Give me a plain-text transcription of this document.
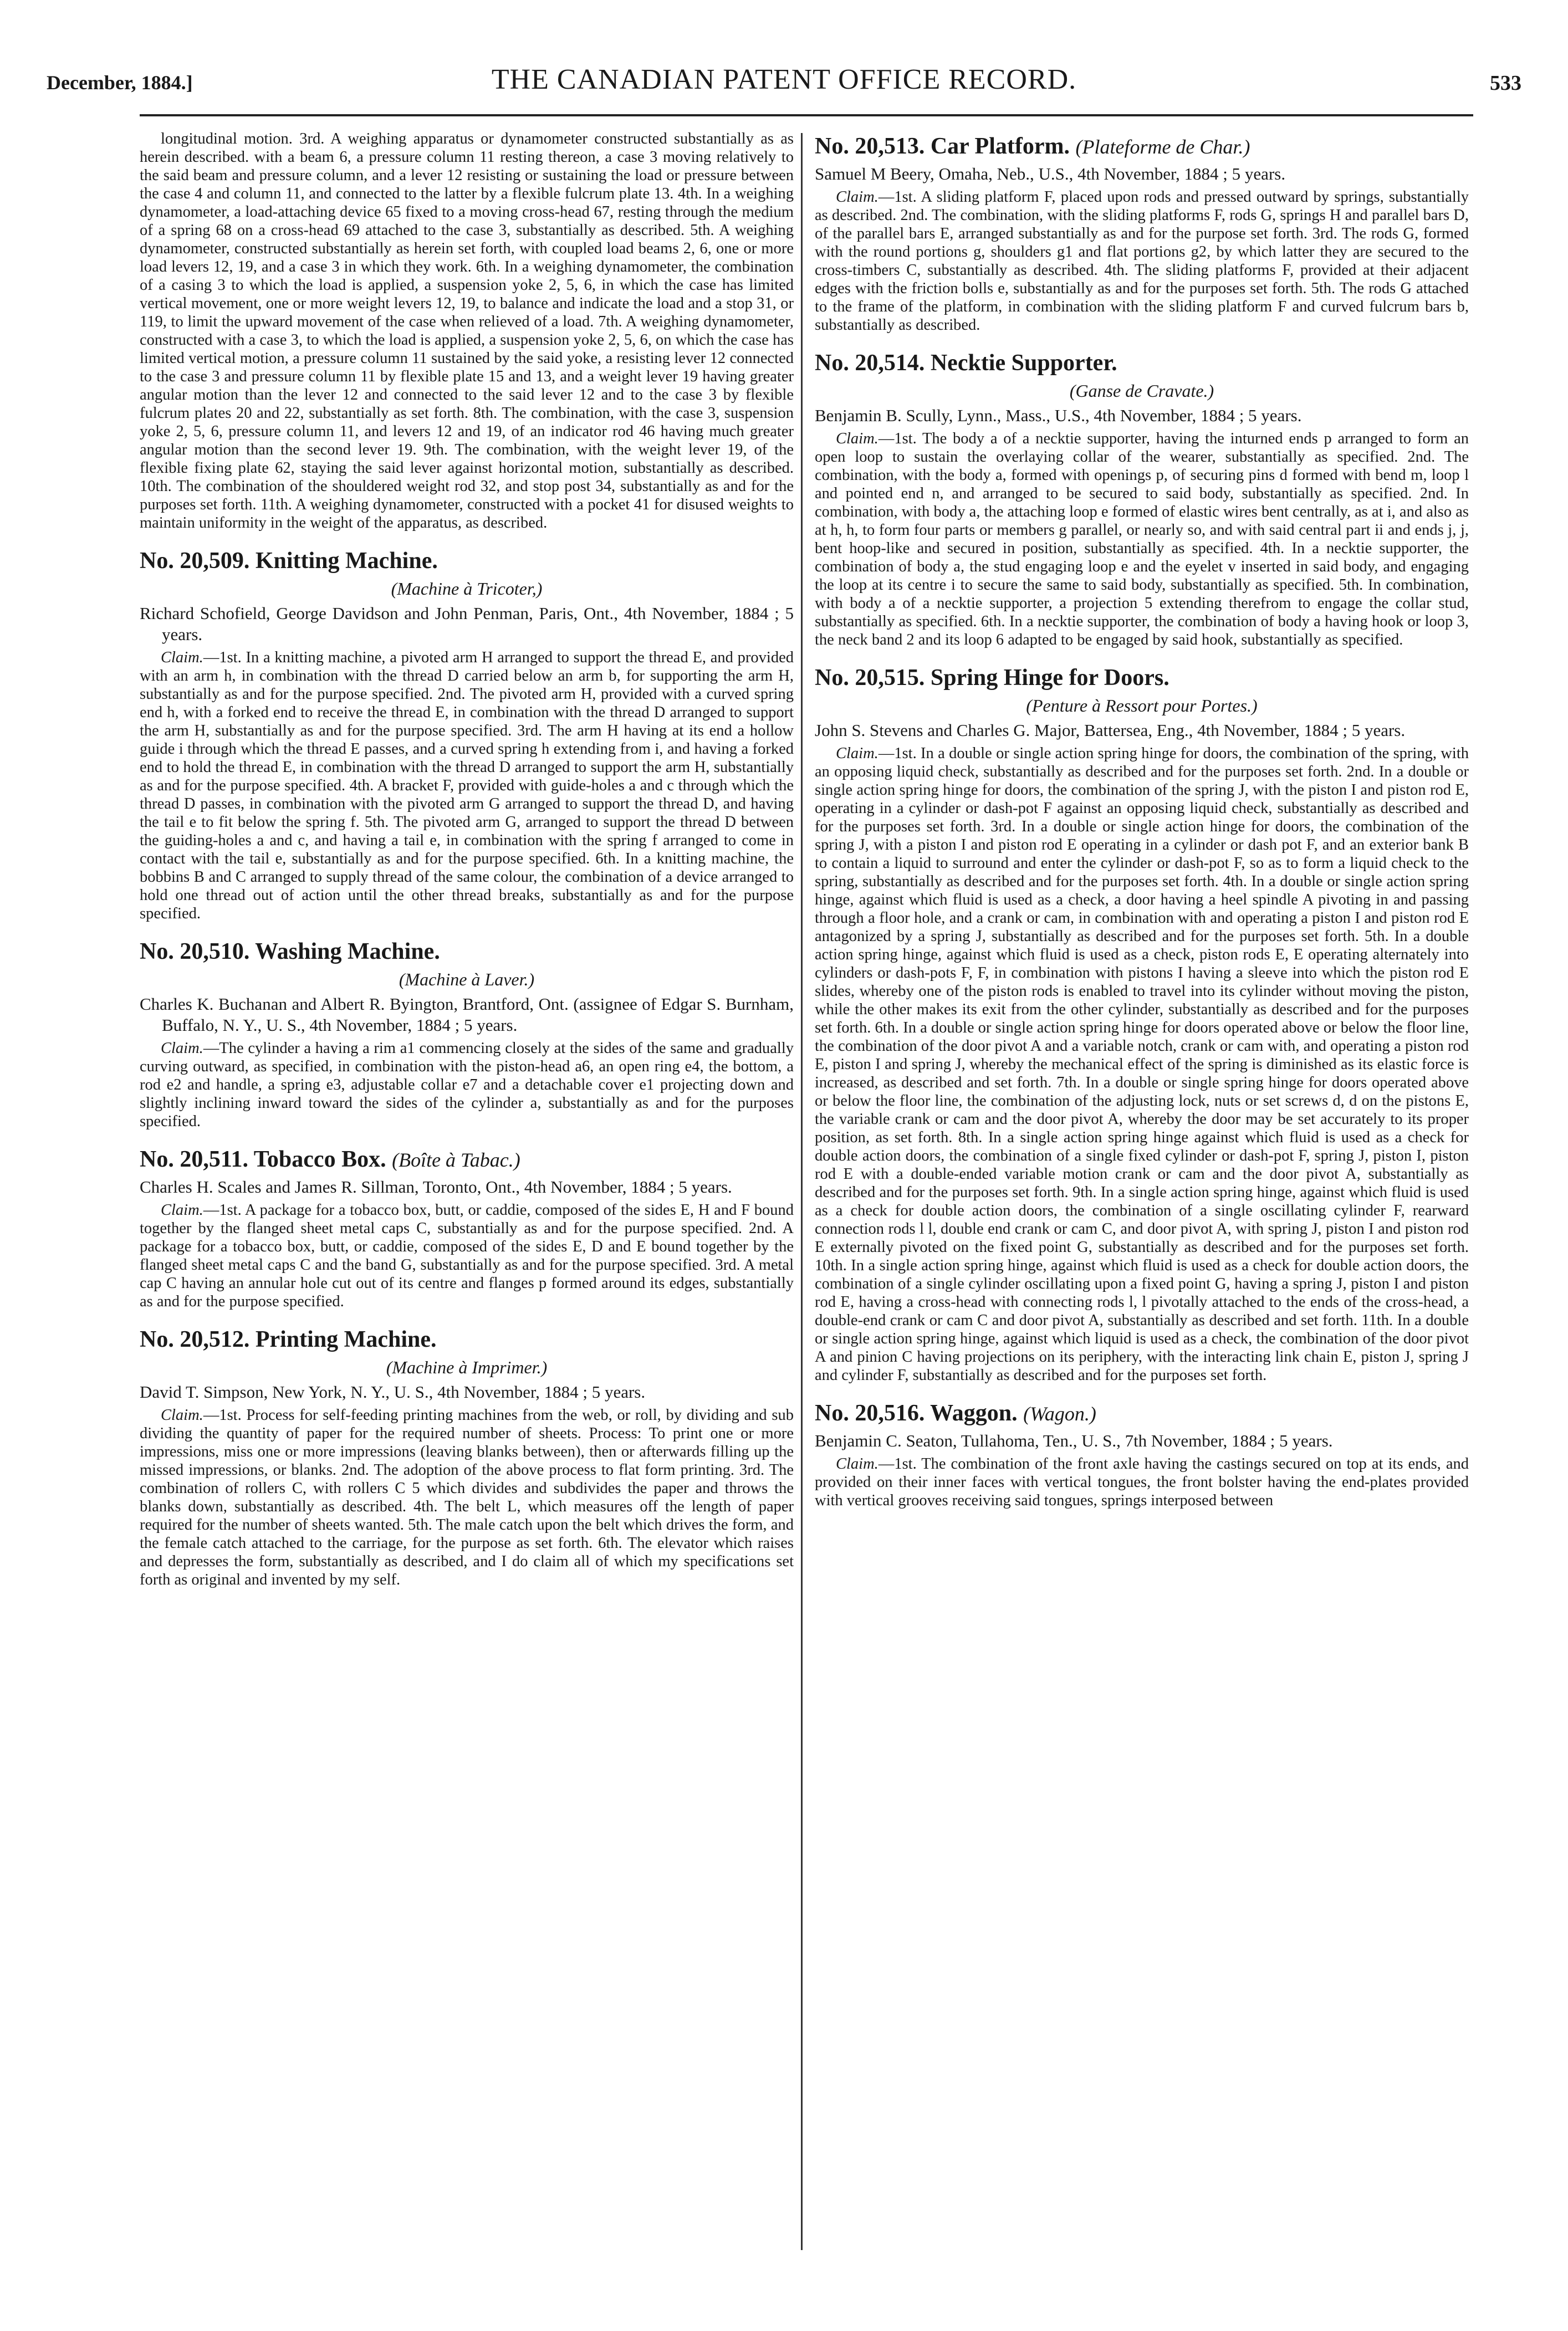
December, 1884.]	THE CANADIAN PATENT OFFICE RECORD.	533

longitudinal motion. 3rd. A weighing apparatus or dynamometer constructed substantially as as herein described. with a beam 6, a pressure column 11 resting thereon, a case 3 moving relatively to the said beam and pressure column, and a lever 12 resisting or sustaining the load or pressure between the case 4 and column 11, and connected to the latter by a flexible fulcrum plate 13. 4th. In a weighing dynamometer, a load-attaching device 65 fixed to a moving cross-head 67, resting through the medium of a spring 68 on a cross-head 69 attached to the case 3, substantially as described. 5th. A weighing dynamometer, constructed substantially as herein set forth, with coupled load beams 2, 6, one or more load levers 12, 19, and a case 3 in which they work. 6th. In a weighing dynamometer, the combination of a casing 3 to which the load is applied, a suspension yoke 2, 5, 6, in which the case has limited vertical movement, one or more weight levers 12, 19, to balance and indicate the load and a stop 31, or 119, to limit the upward movement of the case when relieved of a load. 7th. A weighing dynamometer, constructed with a case 3, to which the load is applied, a suspension yoke 2, 5, 6, on which the case has limited vertical motion, a pressure column 11 sustained by the said yoke, a resisting lever 12 connected to the case 3 and pressure column 11 by flexible plate 15 and 13, and a weight lever 19 having greater angular motion than the lever 12 and connected to the said lever 12 and to the case 3 by flexible fulcrum plates 20 and 22, substantially as set forth. 8th. The combination, with the case 3, suspension yoke 2, 5, 6, pressure column 11, and levers 12 and 19, of an indicator rod 46 having much greater angular motion than the second lever 19. 9th. The combination, with the weight lever 19, of the flexible fixing plate 62, staying the said lever against horizontal motion, substantially as described. 10th. The combination of the shouldered weight rod 32, and stop post 34, substantially as and for the purposes set forth. 11th. A weighing dynamometer, constructed with a pocket 41 for disused weights to maintain uniformity in the weight of the apparatus, as described.

No. 20,509. Knitting Machine.
(Machine à Tricoter,)

Richard Schofield, George Davidson and John Penman, Paris, Ont., 4th November, 1884 ; 5 years.

Claim.—1st. In a knitting machine, a pivoted arm H arranged to support the thread E, and provided with an arm h, in combination with the thread D carried below an arm b, for supporting the arm H, substantially as and for the purpose specified. 2nd. The pivoted arm H, provided with a curved spring end h, with a forked end to receive the thread E, in combination with the thread D arranged to support the arm H, substantially as and for the purpose specified. 3rd. The arm H having at its end a hollow guide i through which the thread E passes, and a curved spring h extending from i, and having a forked end to hold the thread E, in combination with the thread D arranged to support the arm H, substantially as and for the purpose specified. 4th. A bracket F, provided with guide-holes a and c through which the thread D passes, in combination with the pivoted arm G arranged to support the thread D, and having the tail e to fit below the spring f. 5th. The pivoted arm G, arranged to support the thread D between the guiding-holes a and c, and having a tail e, in combination with the spring f arranged to come in contact with the tail e, substantially as and for the purpose specified. 6th. In a knitting machine, the bobbins B and C arranged to supply thread of the same colour, the combination of a device arranged to hold one thread out of action until the other thread breaks, substantially as and for the purpose specified.

No. 20,510. Washing Machine.
(Machine à Laver.)

Charles K. Buchanan and Albert R. Byington, Brantford, Ont. (assignee of Edgar S. Burnham, Buffalo, N. Y., U. S., 4th November, 1884 ; 5 years.

Claim.—The cylinder a having a rim a1 commencing closely at the sides of the same and gradually curving outward, as specified, in combination with the piston-head a6, an open ring e4, the bottom, a rod e2 and handle, a spring e3, adjustable collar e7 and a detachable cover e1 projecting down and slightly inclining inward toward the sides of the cylinder a, substantially as and for the purposes specified.

No. 20,511. Tobacco Box. (Boîte à Tabac.)

Charles H. Scales and James R. Sillman, Toronto, Ont., 4th November, 1884 ; 5 years.

Claim.—1st. A package for a tobacco box, butt, or caddie, composed of the sides E, H and F bound together by the flanged sheet metal caps C, substantially as and for the purpose specified. 2nd. A package for a tobacco box, butt, or caddie, composed of the sides E, D and E bound together by the flanged sheet metal caps C and the band G, substantially as and for the purpose specified. 3rd. A metal cap C having an annular hole cut out of its centre and flanges p formed around its edges, substantially as and for the purpose specified.

No. 20,512. Printing Machine.
(Machine à Imprimer.)

David T. Simpson, New York, N. Y., U. S., 4th November, 1884 ; 5 years.

Claim.—1st. Process for self-feeding printing machines from the web, or roll, by dividing and sub dividing the quantity of paper for the required number of sheets. Process: To print one or more impressions, miss one or more impressions (leaving blanks between), then or afterwards filling up the missed impressions, or blanks. 2nd. The adoption of the above process to flat form printing. 3rd. The combination of rollers C, with rollers C 5 which divides and subdivides the paper and throws the blanks down, substantially as described. 4th. The belt L, which measures off the length of paper required for the number of sheets wanted. 5th. The male catch upon the belt which drives the form, and the female catch attached to the carriage, for the purpose as set forth. 6th. The elevator which raises and depresses the form, substantially as described, and I do claim all of which my specifications set forth as original and invented by my self.

No. 20,513. Car Platform. (Plateforme de Char.)

Samuel M Beery, Omaha, Neb., U.S., 4th November, 1884 ; 5 years.

Claim.—1st. A sliding platform F, placed upon rods and pressed outward by springs, substantially as described. 2nd. The combination, with the sliding platforms F, rods G, springs H and parallel bars D, of the parallel bars E, arranged substantially as and for the purpose set forth. 3rd. The rods G, formed with the round portions g, shoulders g1 and flat portions g2, by which latter they are secured to the cross-timbers C, substantially as described. 4th. The sliding platforms F, provided at their adjacent edges with the friction bolls e, substantially as and for the purposes set forth. 5th. The rods G attached to the frame of the platform, in combination with the sliding platform F and curved fulcrum bars b, substantially as described.

No. 20,514. Necktie Supporter.
(Ganse de Cravate.)

Benjamin B. Scully, Lynn., Mass., U.S., 4th November, 1884 ; 5 years.

Claim.—1st. The body a of a necktie supporter, having the inturned ends p arranged to form an open loop to sustain the overlaying collar of the wearer, substantially as specified. 2nd. The combination, with the body a, formed with openings p, of securing pins d formed with bend m, loop l and pointed end n, and arranged to be secured to said body, substantially as specified. 2nd. In combination, with body a, the attaching loop e formed of elastic wires bent centrally, as at i, and also as at h, h, to form four parts or members g parallel, or nearly so, and with said central part ii and ends j, j, bent hoop-like and secured in position, substantially as specified. 4th. In a necktie supporter, the combination of body a, the stud engaging loop e and the eyelet v inserted in said body, and engaging the loop at its centre i to secure the same to said body, substantially as specified. 5th. In combination, with body a of a necktie supporter, a projection 5 extending therefrom to engage the collar stud, substantially as specified. 6th. In a necktie supporter, the combination of body a having hook or loop 3, the neck band 2 and its loop 6 adapted to be engaged by said hook, substantially as specified.

No. 20,515. Spring Hinge for Doors.
(Penture à Ressort pour Portes.)

John S. Stevens and Charles G. Major, Battersea, Eng., 4th November, 1884 ; 5 years.

Claim.—1st. In a double or single action spring hinge for doors, the combination of the spring, with an opposing liquid check, substantially as described and for the purposes set forth. 2nd. In a double or single action spring hinge for doors, the combination of the spring J, with the piston I and piston rod E, operating in a cylinder or dash-pot F against an opposing liquid check, substantially as described and for the purposes set forth. 3rd. In a double or single action hinge for doors, the combination of the spring J, with a piston I and piston rod E operating in a cylinder or dash pot F, and an exterior bank B to contain a liquid to surround and enter the cylinder or dash-pot F, so as to form a liquid check to the spring, substantially as described and for the purposes set forth. 4th. In a double or single action spring hinge, against which fluid is used as a check, a door having a heel spindle A pivoting in and passing through a floor hole, and a crank or cam, in combination with and operating a piston I and piston rod E antagonized by a spring J, substantially as described and for the purposes set forth. 5th. In a double action spring hinge, against which fluid is used as a check, piston rods E, E operating alternately into cylinders or dash-pots F, F, in combination with pistons I having a sleeve into which the piston rod E slides, whereby one of the piston rods is enabled to travel into its cylinder without moving the piston, while the other makes its exit from the other cylinder, substantially as described and for the purposes set forth. 6th. In a double or single action spring hinge for doors operated above or below the floor line, the combination of the door pivot A and a variable notch, crank or cam with, and operating a piston rod E, piston I and spring J, whereby the mechanical effect of the spring is diminished as its elastic force is increased, as described and set forth. 7th. In a double or single spring hinge for doors operated above or below the floor line, the combination of the adjusting lock, nuts or set screws d, d on the pistons E, the variable crank or cam and the door pivot A, whereby the door may be set accurately to its proper position, as set forth. 8th. In a single action spring hinge against which fluid is used as a check for double action doors, the combination of a single fixed cylinder or dash-pot F, spring J, piston I, piston rod E with a double-ended variable motion crank or cam and the door pivot A, substantially as described and for the purposes set forth. 9th. In a single action spring hinge, against which fluid is used as a check for double action doors, the combination of a single oscillating cylinder F, rearward connection rods l l, double end crank or cam C, and door pivot A, with spring J, piston I and piston rod E externally pivoted on the fixed point G, substantially as described and for the purposes set forth. 10th. In a single action spring hinge, against which fluid is used as a check for double action doors, the combination of a single cylinder oscillating upon a fixed point G, having a spring J, piston I and piston rod E, having a cross-head with connecting rods l, l pivotally attached to the ends of the cross-head, a double-end crank or cam C and door pivot A, substantially as described and set forth. 11th. In a double or single action spring hinge, against which liquid is used as a check, the combination of the door pivot A and pinion C having projections on its periphery, with the interacting link chain E, piston J, spring J and cylinder F, substantially as described and for the purposes set forth.

No. 20,516. Waggon. (Wagon.)

Benjamin C. Seaton, Tullahoma, Ten., U. S., 7th November, 1884 ; 5 years.

Claim.—1st. The combination of the front axle having the castings secured on top at its ends, and provided on their inner faces with vertical tongues, the front bolster having the end-plates provided with vertical grooves receiving said tongues, springs interposed between
